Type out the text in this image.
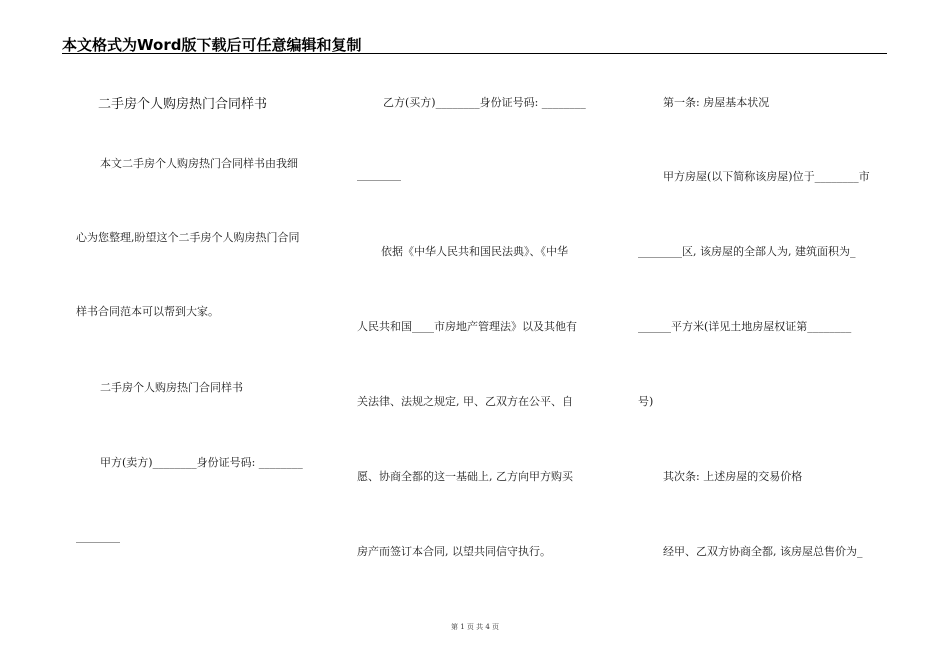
本文格式为Word版下载后可任意编辑和复制
二手房个人购房热门合同样书
本文二手房个人购房热门合同样书由我细
心为您整理,盼望这个二手房个人购房热门合同
样书合同范本可以帮到大家。
二手房个人购房热门合同样书
甲方(卖方)________身份证号码: ________
________
乙方(买方)________身份证号码: ________
________
依据《中华人民共和国民法典》、《中华
人民共和国____市房地产管理法》以及其他有
关法律、法规之规定, 甲、乙双方在公平、自
愿、协商全都的这一基础上, 乙方向甲方购买
房产而签订本合同, 以望共同信守执行。
第一条: 房屋基本状况
甲方房屋(以下简称该房屋)位于________市
________区, 该房屋的全部人为, 建筑面积为_
______平方米(详见土地房屋权证第________
号)
其次条: 上述房屋的交易价格
经甲、乙双方协商全都, 该房屋总售价为_
第 1 页 共 4 页
